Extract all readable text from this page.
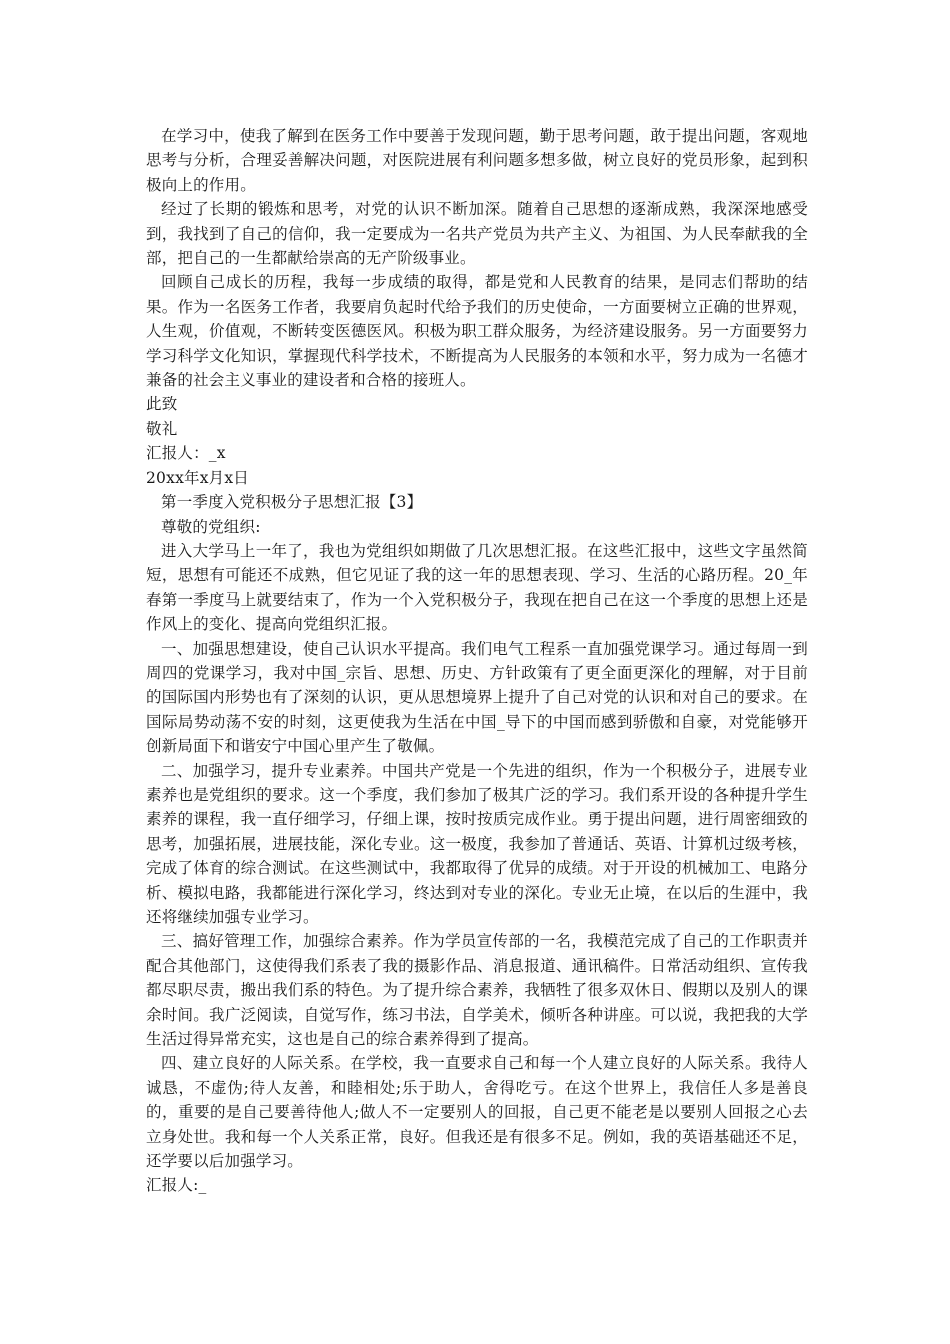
在学习中，使我了解到在医务工作中要善于发现问题，勤于思考问题，敢于提出问题，客观地思考与分析，合理妥善解决问题，对医院进展有利问题多想多做，树立良好的党员形象，起到积极向上的作用。

经过了长期的锻炼和思考，对党的认识不断加深。随着自己思想的逐渐成熟，我深深地感受到，我找到了自己的信仰，我一定要成为一名共产党员为共产主义、为祖国、为人民奉献我的全部，把自己的一生都献给崇高的无产阶级事业。

回顾自己成长的历程，我每一步成绩的取得，都是党和人民教育的结果，是同志们帮助的结果。作为一名医务工作者，我要肩负起时代给予我们的历史使命，一方面要树立正确的世界观，人生观，价值观，不断转变医德医风。积极为职工群众服务，为经济建设服务。另一方面要努力学习科学文化知识，掌握现代科学技术，不断提高为人民服务的本领和水平，努力成为一名德才兼备的社会主义事业的建设者和合格的接班人。

此致

敬礼

汇报人：_x

20xx年x月x日

第一季度入党积极分子思想汇报【3】

尊敬的党组织:

进入大学马上一年了，我也为党组织如期做了几次思想汇报。在这些汇报中，这些文字虽然简短，思想有可能还不成熟，但它见证了我的这一年的思想表现、学习、生活的心路历程。20_年春第一季度马上就要结束了，作为一个入党积极分子，我现在把自己在这一个季度的思想上还是作风上的变化、提高向党组织汇报。

一、加强思想建设，使自己认识水平提高。我们电气工程系一直加强党课学习。通过每周一到周四的党课学习，我对中国_宗旨、思想、历史、方针政策有了更全面更深化的理解，对于目前的国际国内形势也有了深刻的认识，更从思想境界上提升了自己对党的认识和对自己的要求。在国际局势动荡不安的时刻，这更使我为生活在中国_导下的中国而感到骄傲和自豪，对党能够开创新局面下和谐安宁中国心里产生了敬佩。

二、加强学习，提升专业素养。中国共产党是一个先进的组织，作为一个积极分子，进展专业素养也是党组织的要求。这一个季度，我们参加了极其广泛的学习。我们系开设的各种提升学生素养的课程，我一直仔细学习，仔细上课，按时按质完成作业。勇于提出问题，进行周密细致的思考，加强拓展，进展技能，深化专业。这一极度，我参加了普通话、英语、计算机过级考核，完成了体育的综合测试。在这些测试中，我都取得了优异的成绩。对于开设的机械加工、电路分析、模拟电路，我都能进行深化学习，终达到对专业的深化。专业无止境，在以后的生涯中，我还将继续加强专业学习。

三、搞好管理工作，加强综合素养。作为学员宣传部的一名，我模范完成了自己的工作职责并配合其他部门，这使得我们系表了我的摄影作品、消息报道、通讯稿件。日常活动组织、宣传我都尽职尽责，搬出我们系的特色。为了提升综合素养，我牺牲了很多双休日、假期以及别人的课余时间。我广泛阅读，自觉写作，练习书法，自学美术，倾听各种讲座。可以说，我把我的大学生活过得异常充实，这也是自己的综合素养得到了提高。

四、建立良好的人际关系。在学校，我一直要求自己和每一个人建立良好的人际关系。我待人诚恳，不虚伪;待人友善，和睦相处;乐于助人，舍得吃亏。在这个世界上，我信任人多是善良的，重要的是自己要善待他人;做人不一定要别人的回报，自己更不能老是以要别人回报之心去立身处世。我和每一个人关系正常，良好。但我还是有很多不足。例如，我的英语基础还不足，还学要以后加强学习。

汇报人:_
